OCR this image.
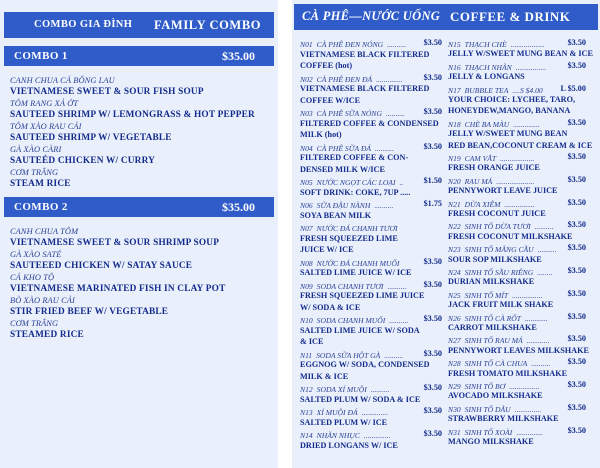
COMBO GIA ĐÌNH FAMILY COMBO
COMBO 1	$35.00
CANH CHUA CÁ BÔNG LAU
VIETNAMESE SWEET & SOUR FISH SOUP
TÔM RANG XẢ ỚT
SAUTEED SHRIMP W/ LEMONGRASS & HOT PEPPER
TÔM XÀO RAU CẢI
SAUTEED SHRIMP W/ VEGETABLE
GÀ XÀO CÀRI
SAUTEÉD CHICKEN W/ CURRY
CƠM TRẮNG
STEAM RICE
COMBO 2	$35.00
CANH CHUA TÔM
VIETNAMESE SWEET & SOUR SHRIMP SOUP
GÀ XÀO SATÉ
SAUTEEED CHICKEN W/ SATAY SAUCE
CÁ KHO TỘ
VIETNAMESE MARINATED FISH IN CLAY POT
BÒ XÀO RAU CẢI
STIR FRIED BEEF W/ VEGETABLE
CƠM TRẮNG
STEAMED RICE
CÀ PHÊ—NƯỚC UỐNG COFFEE & DRINK
N01 CÀ PHÊ ĐEN NÓNG .......... $3.50
VIETNAMESE BLACK FILTERED
COFFEE (hot)
N02 CÀ PHÊ ĐEN ĐÁ ..............	$3.50
VIETNAMESE BLACK FILTERED
COFFEE W/ICE
N03 CÀ PHÊ SỮA NÓNG .......... $3.50
FILTERED COFFEE & CONDENSED
MILK (hot)
N04 CÀ PHÊ SỮA ĐÁ ..........	$3.50
FILTERED COFFEE & CON-
DENSED MILK W/ICE
N05 NƯỚC NGỌT CÁC LOẠI .. $1.50
SOFT DRINK: COKE, 7UP .....
N06 SỮA ĐẬU NÀNH ..........	$1.75
SOYA BEAN MILK
N07 NƯỚC ĐÁ CHANH TƯƠI
FRESH SQUEEZED LIME
JUICE W/ ICE
N08 NƯỚC ĐÁ CHANH MUỐI	$3.50
SALTED LIME JUICE W/ ICE
N09 SODA CHANH TƯƠI .......... $3.50
FRESH SQUEEZED LIME JUICE
W/ SODA & ICE
N10 SODA CHANH MUỐI .......... $3.50
SALTED LIME JUICE W/ SODA
& ICE
N11 SODA SỮA HỘT GÀ .......... $3.50
EGGNOG W/ SODA, CONDENSED
MILK & ICE
N12 SODA XÍ MUỘI ..........	$3.50
SALTED PLUM W/ SODA & ICE
N13 XÍ MUỘI ĐÁ ..............	$3.50
SALTED PLUM W/ ICE
N14 NHÃN NHỤC ..............	$3.50
DRIED LONGANS W/ ICE
N15 THẠCH CHÈ ..................	$3.50
JELLY W/SWEET MUNG BEAN & ICE
N16 THẠCH NHÃN ................	$3.50
JELLY & LONGANS
N17 BUBBLE TEA ....S $4.00 L $5.00
YOUR CHOICE: LYCHEE, TARO,
HONEYDEW,MANGO, BANANA
N18 CHÈ BA MÀU ..............	$3.50
JELLY W/SWEET MUNG BEAN
RED BEAN,COCONUT CREAM & ICE
N19 CAM VẮT ..................	$3.50
FRESH ORANGE JUICE
N20 RAU MÁ ....................	$3.50
PENNYWORT LEAVE JUICE
N21 DỪA XIÊM ................	$3.50
FRESH COCONUT JUICE
N22 SINH TỐ DỪA TƯƠI .......... $3.50
FRESH COCONUT MILKSHAKE
N23 SINH TỐ MÃNG CẦU .......... $3.50
SOUR SOP MILKSHAKE
N24 SINH TỐ SẦU RIÊNG ........ $3.50
DURIAN MILKSHAKE
N25 SINH TỐ MÍT ................	$3.50
JACK FRUIT MILK SHAKE
N26 SINH TỐ CÀ RỐT ............ $3.50
CARROT MILKSHAKE
N27 SINH TỐ RAU MÁ ............ $3.50
PENNYWORT LEAVES MILKSHAKE
N28 SINH TỐ CÀ CHUA .......... $3.50
FRESH TOMATO MILKSHAKE
N29 SINH TỐ BƠ ................	$3.50
AVOCADO MILKSHAKE
N30 SINH TỐ DÂU ..............	$3.50
STRAWBERRY MILKSHAKE
N31 SINH TỐ XOÀI ..............	$3.50
MANGO MILKSHAKE
